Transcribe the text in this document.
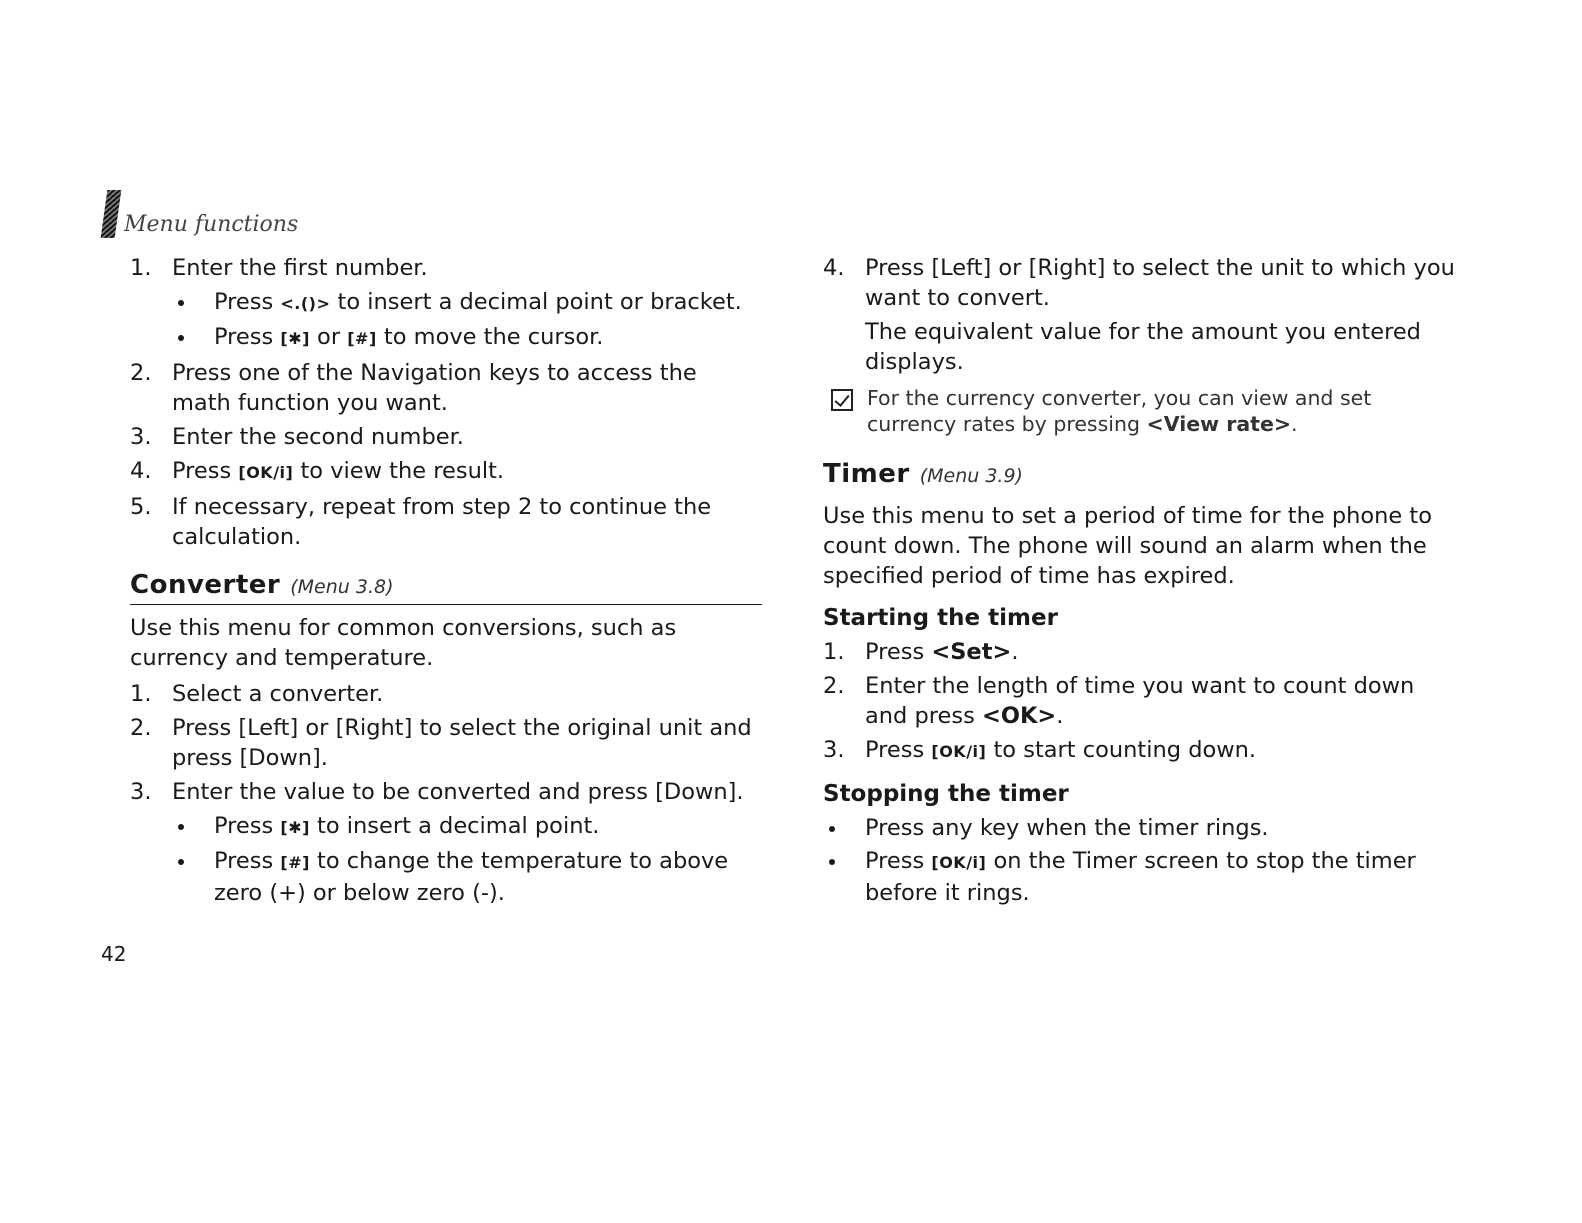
Menu functions
1. Enter the first number.
Press <.()> to insert a decimal point or bracket.
Press [✱] or [#] to move the cursor.
2. Press one of the Navigation keys to access the math function you want.
3. Enter the second number.
4. Press [OK/i] to view the result.
5. If necessary, repeat from step 2 to continue the calculation.
Converter (Menu 3.8)

Use this menu for common conversions, such as currency and temperature.

1. Select a converter.
2. Press [Left] or [Right] to select the original unit and press [Down].
3. Enter the value to be converted and press [Down].
Press [✱] to insert a decimal point.
Press [#] to change the temperature to above zero (+) or below zero (-).
4. Press [Left] or [Right] to select the unit to which you want to convert.
The equivalent value for the amount you entered displays.
For the currency converter, you can view and set currency rates by pressing <View rate>.
Timer (Menu 3.9)

Use this menu to set a period of time for the phone to count down. The phone will sound an alarm when the specified period of time has expired.

Starting the timer
1. Press <Set>.
2. Enter the length of time you want to count down and press <OK>.
3. Press [OK/i] to start counting down.
Stopping the timer
Press any key when the timer rings.
Press [OK/i] on the Timer screen to stop the timer before it rings.
42
